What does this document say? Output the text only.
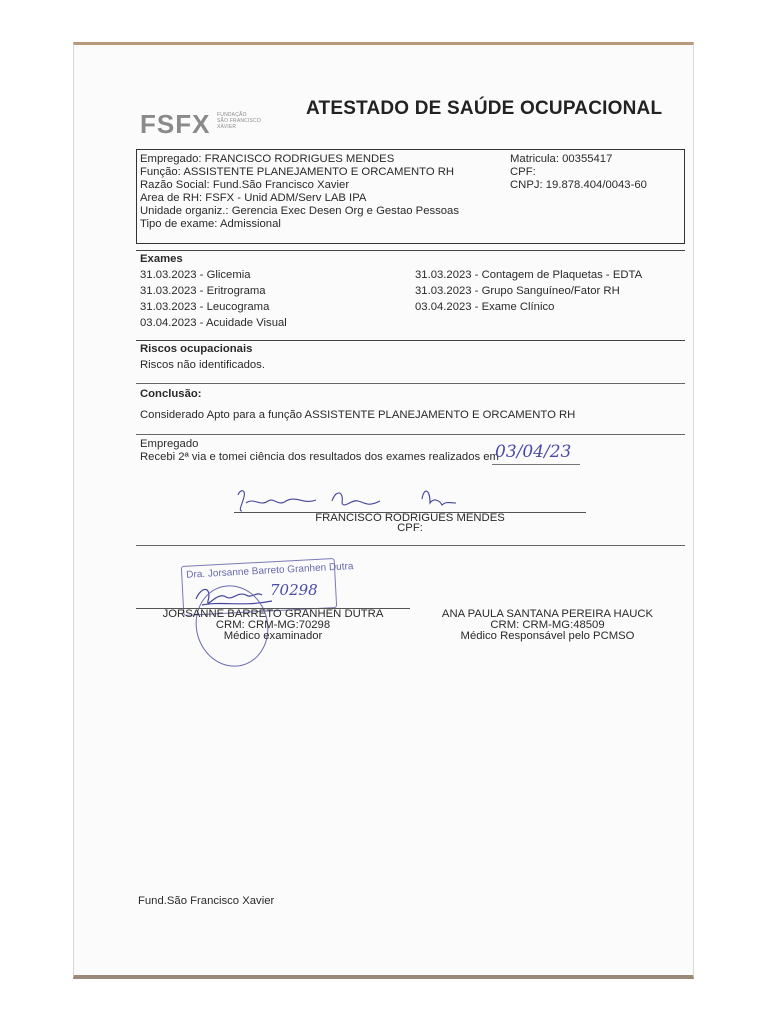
FSFX FUNDAÇÃO
SÃO FRANCISCO
XAVIER
ATESTADO DE SAÚDE OCUPACIONAL
Empregado: FRANCISCO RODRIGUES MENDES
Função: ASSISTENTE PLANEJAMENTO E ORCAMENTO RH
Razão Social: Fund.São Francisco Xavier
Area de RH: FSFX - Unid ADM/Serv LAB IPA
Unidade organiz.: Gerencia Exec Desen Org e Gestao Pessoas
Tipo de exame: Admissional
Matricula: 00355417
CPF:
CNPJ: 19.878.404/0043-60
Exames
31.03.2023 - Glicemia
31.03.2023 - Eritrograma
31.03.2023 - Leucograma
03.04.2023 - Acuidade Visual
31.03.2023 - Contagem de Plaquetas - EDTA
31.03.2023 - Grupo Sanguíneo/Fator RH
03.04.2023 - Exame Clínico
Riscos ocupacionais
Riscos não identificados.
Conclusão:
Considerado Apto para a função ASSISTENTE PLANEJAMENTO E ORCAMENTO RH
Empregado
Recebi 2ª via e tomei ciência dos resultados dos exames realizados em
03/04/23
FRANCISCO RODRIGUES MENDES
CPF:
Dra. Jorsanne Barreto Granhen Dutra
70298
JORSANNE BARRETO GRANHEN DUTRA
CRM: CRM-MG:70298
Médico examinador
ANA PAULA SANTANA PEREIRA HAUCK
CRM: CRM-MG:48509
Médico Responsável pelo PCMSO
Fund.São Francisco Xavier
